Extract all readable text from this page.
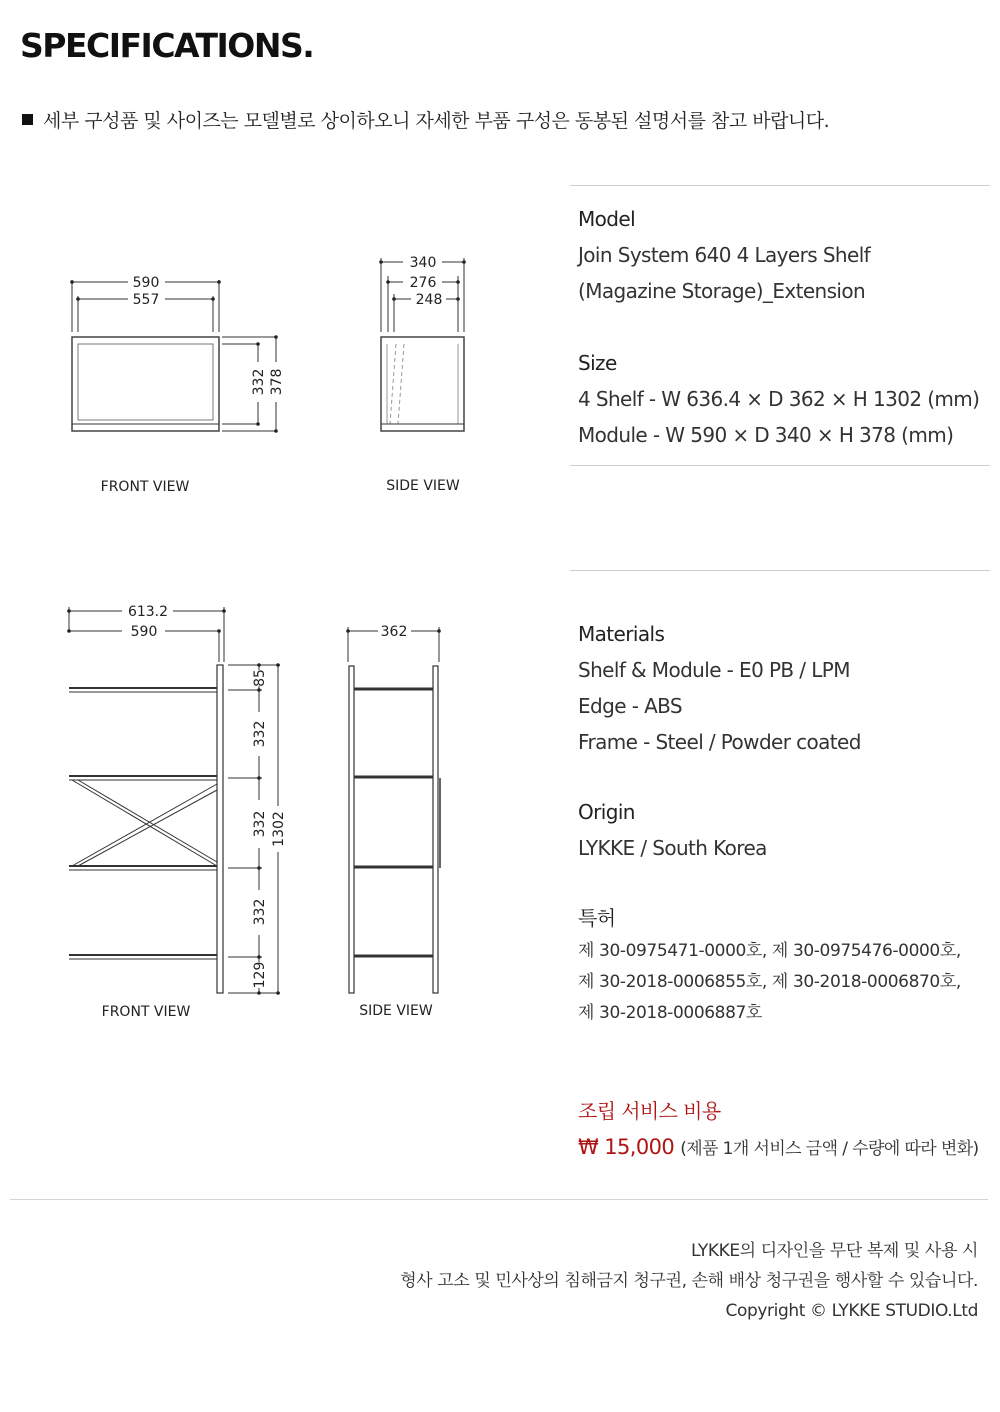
SPECIFICATIONS.
세부 구성품 및 사이즈는 모델별로 상이하오니 자세한 부품 구성은 동봉된 설명서를 참고 바랍니다.
590
557
332 378
340
276
248
FRONT VIEW	SIDE VIEW
613.2
590
85
332
332
332
129
1302
362
FRONT VIEW	SIDE VIEW
Model
Join System 640 4 Layers Shelf
(Magazine Storage)_Extension
Size
4 Shelf - W 636.4 × D 362 × H 1302 (mm)
Module - W 590 × D 340 × H 378 (mm)
Materials
Shelf & Module - E0 PB / LPM
Edge - ABS
Frame - Steel / Powder coated
Origin
LYKKE / South Korea
특허
제 30-0975471-0000호, 제 30-0975476-0000호,
제 30-2018-0006855호, 제 30-2018-0006870호,
제 30-2018-0006887호
조립 서비스 비용
₩ 15,000 (제품 1개 서비스 금액 / 수량에 따라 변화)
LYKKE의 디자인을 무단 복제 및 사용 시
형사 고소 및 민사상의 침해금지 청구권, 손해 배상 청구권을 행사할 수 있습니다.
Copyright © LYKKE STUDIO.Ltd
